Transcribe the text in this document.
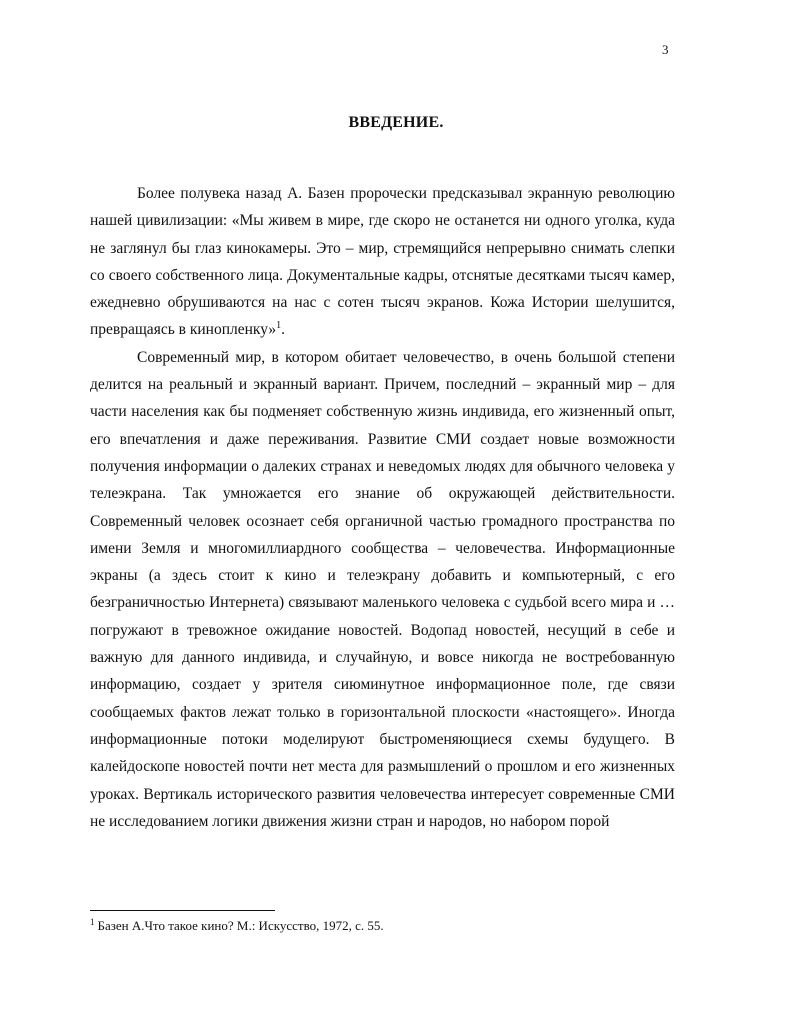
3
ВВЕДЕНИЕ.

Более полувека назад А. Базен пророчески предсказывал экранную революцию нашей цивилизации: «Мы живем в мире, где скоро не останется ни одного уголка, куда не заглянул бы глаз кинокамеры. Это – мир, стремящийся непрерывно снимать слепки со своего собственного лица. Документальные кадры, отснятые десятками тысяч камер, ежедневно обрушиваются на нас с сотен тысяч экранов. Кожа Истории шелушится, превращаясь в кинопленку»$^1$.

Современный мир, в котором обитает человечество, в очень большой степени делится на реальный и экранный вариант. Причем, последний – экранный мир – для части населения как бы подменяет собственную жизнь индивида, его жизненный опыт, его впечатления и даже переживания. Развитие СМИ создает новые возможности получения информации о далеких странах и неведомых людях для обычного человека у телеэкрана. Так умножается его знание об окружающей действительности. Современный человек осознает себя органичной частью громадного пространства по имени Земля и многомиллиардного сообщества – человечества. Информационные экраны (а здесь стоит к кино и телеэкрану добавить и компьютерный, с его безграничностью Интернета) связывают маленького человека с судьбой всего мира и … погружают в тревожное ожидание новостей. Водопад новостей, несущий в себе и важную для данного индивида, и случайную, и вовсе никогда не востребованную информацию, создает у зрителя сиюминутное информационное поле, где связи сообщаемых фактов лежат только в горизонтальной плоскости «настоящего». Иногда информационные потоки моделируют быстроменяющиеся схемы будущего. В калейдоскопе новостей почти нет места для размышлений о прошлом и его жизненных уроках. Вертикаль исторического развития человечества интересует современные СМИ не исследованием логики движения жизни стран и народов, но набором порой

$^1$ Базен А.Что такое кино? М.: Искусство, 1972, с. 55.
